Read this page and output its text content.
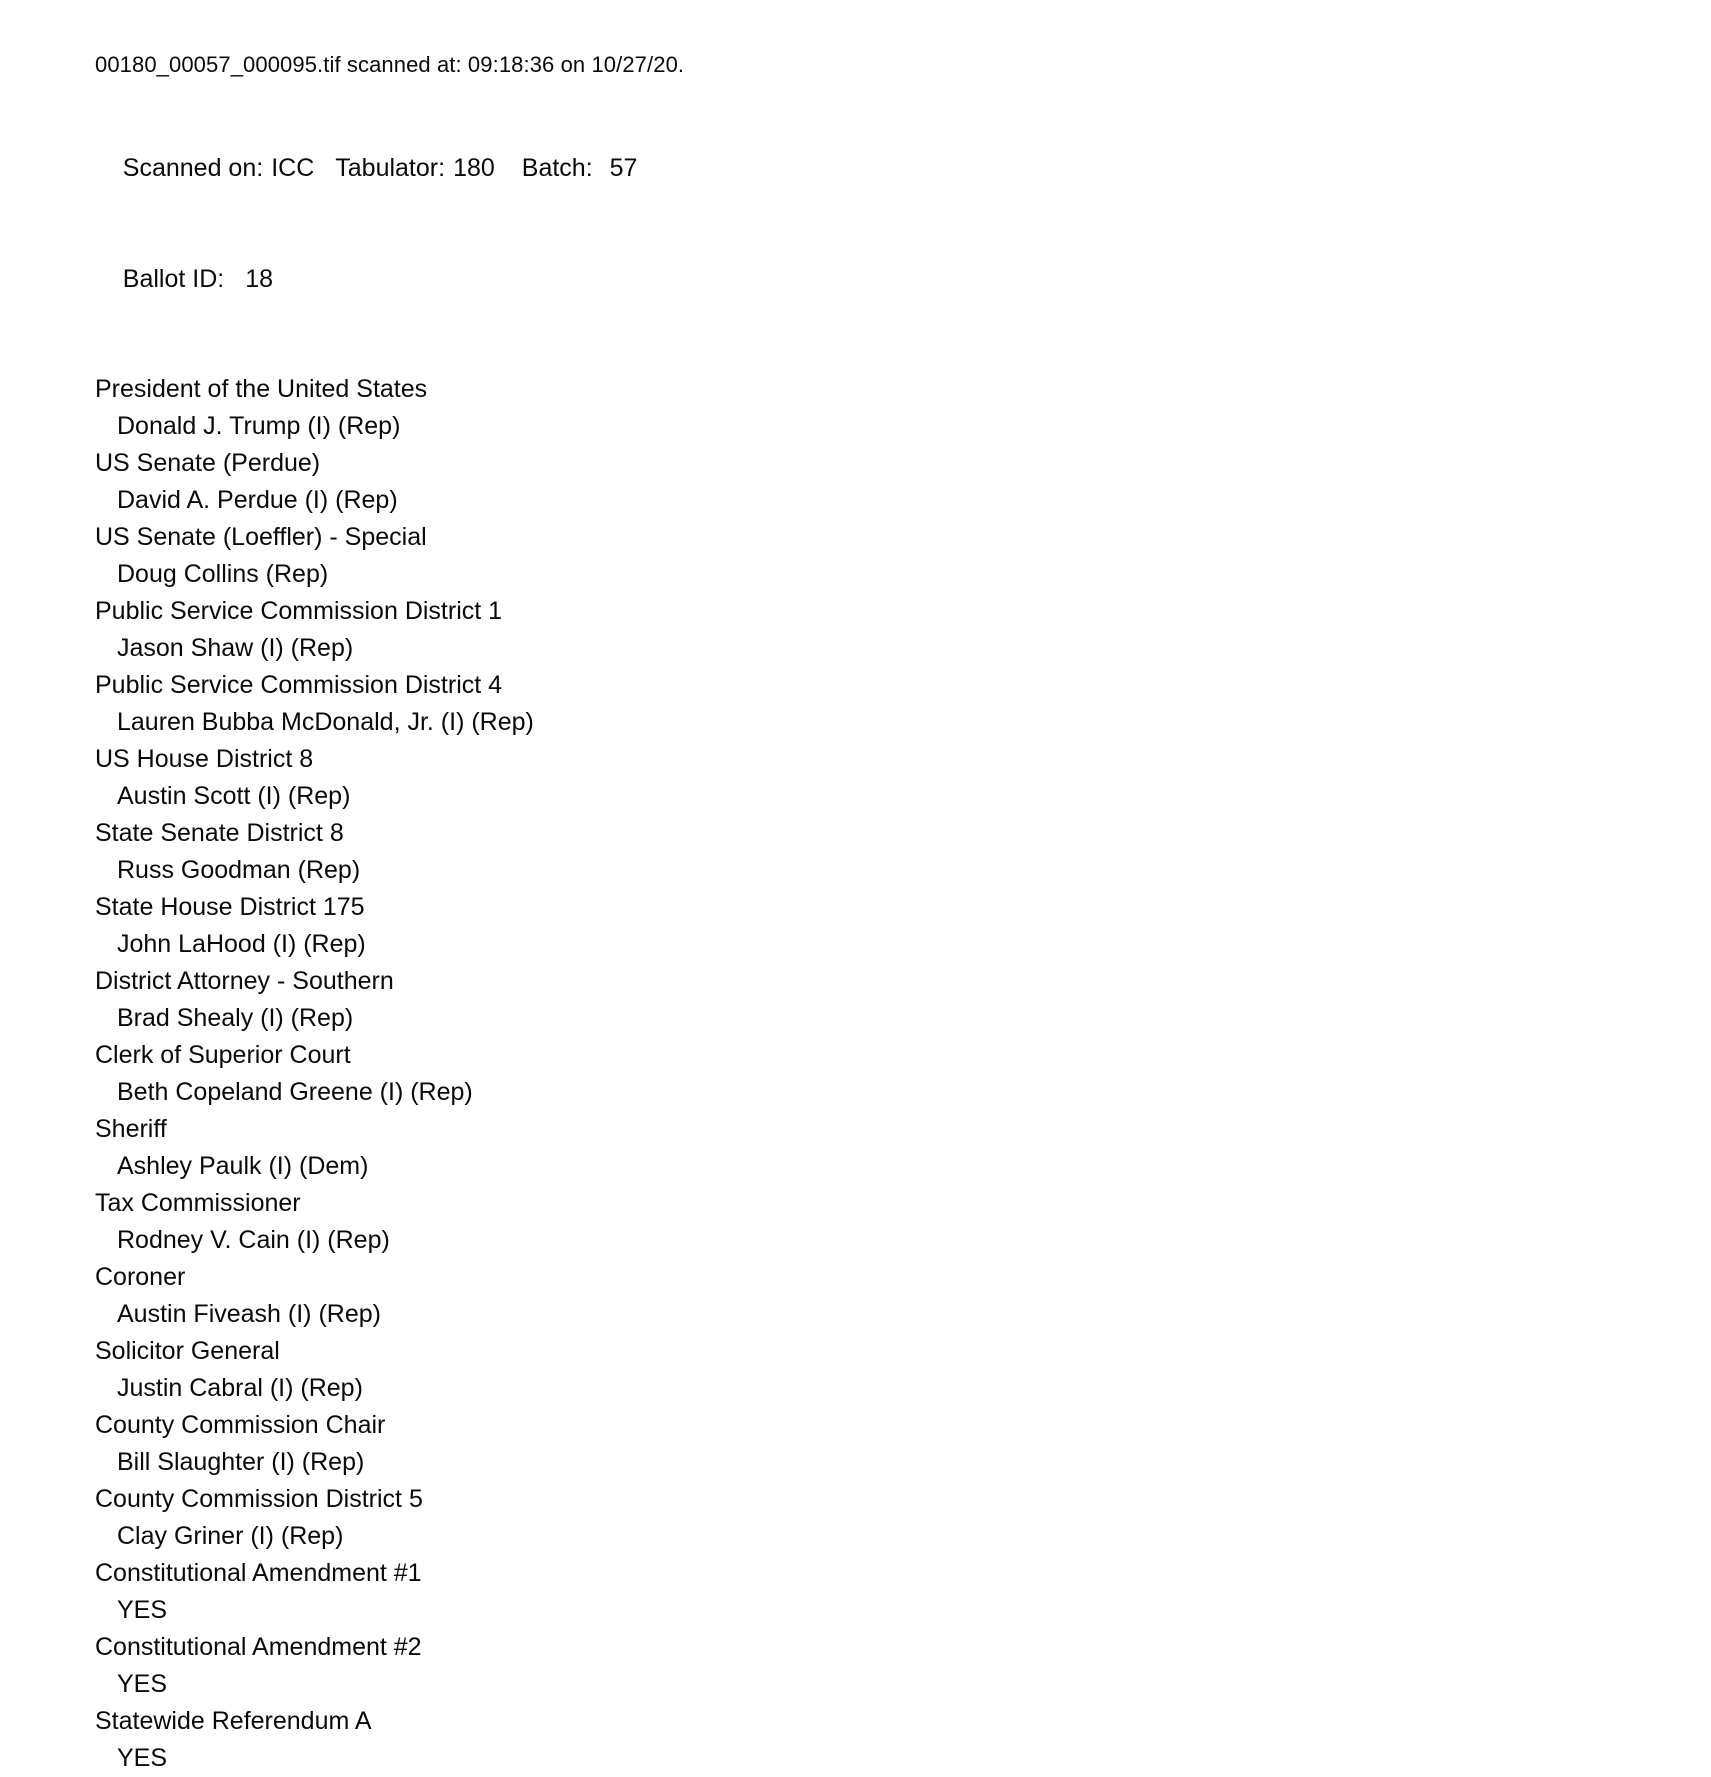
00180_00057_000095.tif scanned at: 09:18:36 on 10/27/20.

Scanned on: ICC Tabulator: 180 Batch: 57

Ballot ID: 18

President of the United States
Donald J. Trump (I) (Rep)
US Senate (Perdue)
David A. Perdue (I) (Rep)
US Senate (Loeffler) - Special
Doug Collins (Rep)
Public Service Commission District 1
Jason Shaw (I) (Rep)
Public Service Commission District 4
Lauren Bubba McDonald, Jr. (I) (Rep)
US House District 8
Austin Scott (I) (Rep)
State Senate District 8
Russ Goodman (Rep)
State House District 175
John LaHood (I) (Rep)
District Attorney - Southern
Brad Shealy (I) (Rep)
Clerk of Superior Court
Beth Copeland Greene (I) (Rep)
Sheriff
Ashley Paulk (I) (Dem)
Tax Commissioner
Rodney V. Cain (I) (Rep)
Coroner
Austin Fiveash (I) (Rep)
Solicitor General
Justin Cabral (I) (Rep)
County Commission Chair
Bill Slaughter (I) (Rep)
County Commission District 5
Clay Griner (I) (Rep)
Constitutional Amendment #1
YES
Constitutional Amendment #2
YES
Statewide Referendum A
YES
